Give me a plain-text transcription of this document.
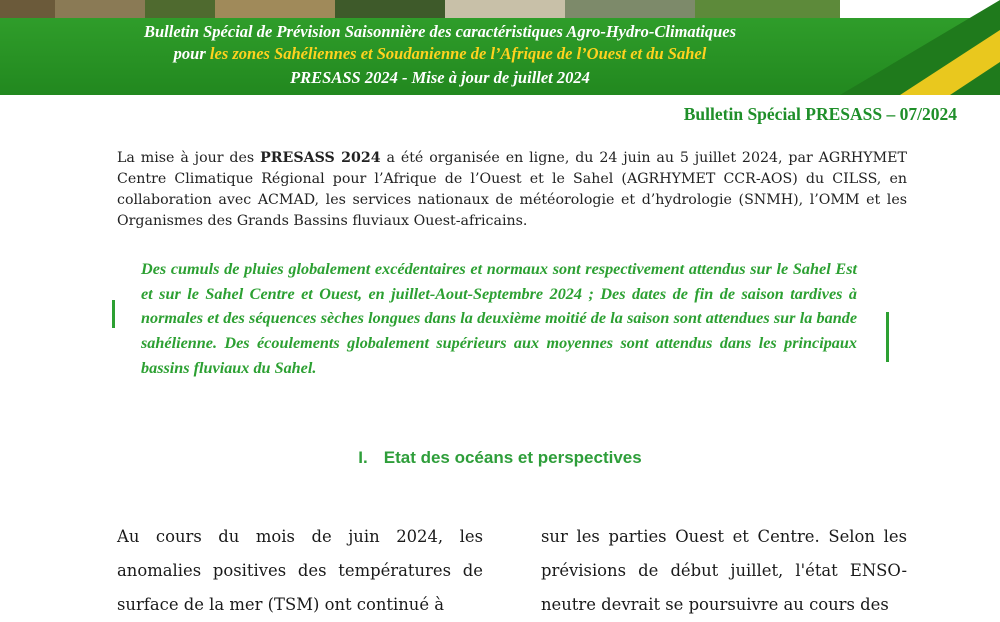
Bulletin Spécial de Prévision Saisonnière des caractéristiques Agro-Hydro-Climatiques
pour les zones Sahéliennes et Soudanienne de l’Afrique de l’Ouest et du Sahel
PRESASS 2024 - Mise à jour de juillet 2024
Bulletin Spécial PRESASS – 07/2024
La mise à jour des PRESASS 2024 a été organisée en ligne, du 24 juin au 5 juillet 2024, par AGRHYMET Centre Climatique Régional pour l’Afrique de l’Ouest et le Sahel (AGRHYMET CCR-AOS) du CILSS, en collaboration avec ACMAD, les services nationaux de météorologie et d’hydrologie (SNMH), l’OMM et les Organismes des Grands Bassins fluviaux Ouest-africains.
Des cumuls de pluies globalement excédentaires et normaux sont respectivement attendus sur le Sahel Est et sur le Sahel Centre et Ouest, en juillet-Aout-Septembre 2024 ; Des dates de fin de saison tardives à normales et des séquences sèches longues dans la deuxième moitié de la saison sont attendues sur la bande sahélienne. Des écoulements globalement supérieurs aux moyennes sont attendus dans les principaux bassins fluviaux du Sahel.
I. Etat des océans et perspectives

Au cours du mois de juin 2024, les anomalies positives des températures de surface de la mer (TSM) ont continué à

sur les parties Ouest et Centre. Selon les prévisions de début juillet, l'état ENSO-neutre devrait se poursuivre au cours des
